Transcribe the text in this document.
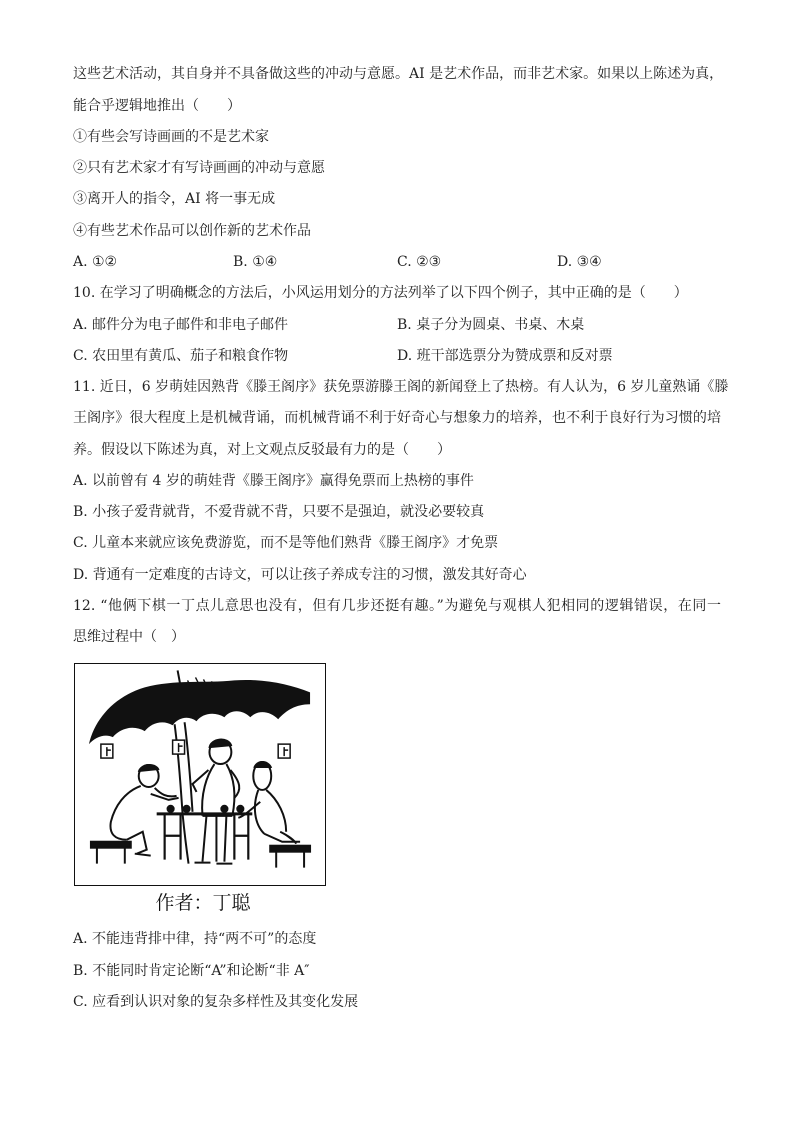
这些艺术活动，其自身并不具备做这些的冲动与意愿。AI 是艺术作品，而非艺术家。如果以上陈述为真，
能合乎逻辑地推出（　　）
①有些会写诗画画的不是艺术家
②只有艺术家才有写诗画画的冲动与意愿
③离开人的指令，AI 将一事无成
④有些艺术作品可以创作新的艺术作品
A. ①②	B. ①④	C. ②③	D. ③④
10. 在学习了明确概念的方法后，小风运用划分的方法列举了以下四个例子，其中正确的是（　　）
A. 邮件分为电子邮件和非电子邮件	B. 桌子分为圆桌、书桌、木桌
C. 农田里有黄瓜、茄子和粮食作物	D. 班干部选票分为赞成票和反对票
11. 近日，6 岁萌娃因熟背《滕王阁序》获免票游滕王阁的新闻登上了热榜。有人认为，6 岁儿童熟诵《滕
王阁序》很大程度上是机械背诵，而机械背诵不利于好奇心与想象力的培养，也不利于良好行为习惯的培
养。假设以下陈述为真，对上文观点反驳最有力的是（　　）
A. 以前曾有 4 岁的萌娃背《滕王阁序》赢得免票而上热榜的事件
B. 小孩子爱背就背，不爱背就不背，只要不是强迫，就没必要较真
C. 儿童本来就应该免费游览，而不是等他们熟背《滕王阁序》才免票
D. 背通有一定难度的古诗文，可以让孩子养成专注的习惯，激发其好奇心
12. “他俩下棋一丁点儿意思也没有，但有几步还挺有趣。”为避免与观棋人犯相同的逻辑错误，在同一
思维过程中（　）
作者：丁聪
A. 不能违背排中律，持“两不可”的态度
B. 不能同时肯定论断“A”和论断“非 A″
C. 应看到认识对象的复杂多样性及其变化发展
